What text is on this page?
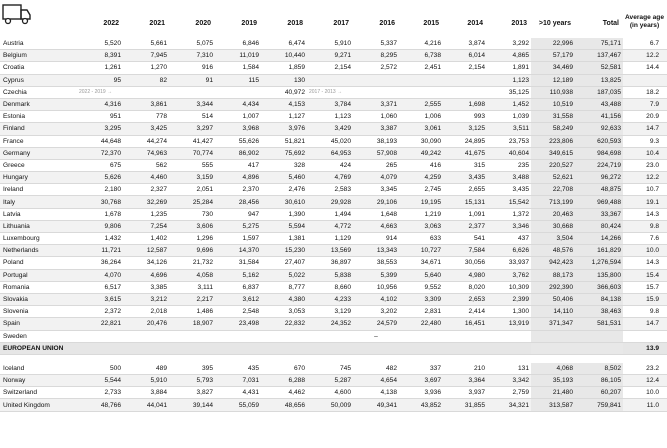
2022	2021	2020	2019	2018	2017	2016	2015	2014	2013	>10 years	Total
Average age
(in years)
Austria	5,520	5,661	5,075	6,846	6,474	5,910	5,337	4,216	3,874	3,292	22,996	75,171	6.7
Belgium	8,391	7,945	7,310	11,019	10,440	9,271	8,295	6,738	6,014	4,865	57,179	137,467	12.2
Croatia	1,261	1,270	916	1,584	1,859	2,154	2,572	2,451	2,154	1,891	34,469	52,581	14.4
Cyprus	95	82	91	115	130					1,123	12,189	13,825	
Czechia	2022 - 2019 →				40,972	2017 - 2013 →				35,125	110,938	187,035	18.2
Denmark	4,316	3,861	3,344	4,434	4,153	3,784	3,371	2,555	1,698	1,452	10,519	43,488	7.9
Estonia	951	778	514	1,007	1,127	1,123	1,060	1,006	993	1,039	31,558	41,156	20.9
Finland	3,295	3,425	3,297	3,968	3,976	3,429	3,387	3,061	3,125	3,511	58,249	92,633	14.7
France	44,648	44,274	41,427	55,626	51,821	45,020	38,193	30,090	24,895	23,753	223,806	620,593	9.3
Germany	72,370	74,963	70,774	86,902	75,692	64,953	57,908	49,242	41,675	40,604	349,615	984,698	10.4
Greece	675	562	555	417	328	424	265	416	315	235	220,527	224,719	23.0
Hungary	5,626	4,460	3,159	4,896	5,460	4,769	4,079	4,259	3,435	3,488	52,621	96,272	12.2
Ireland	2,180	2,327	2,051	2,370	2,476	2,583	3,345	2,745	2,655	3,435	22,708	48,875	10.7
Italy	30,768	32,269	25,284	28,456	30,610	29,928	29,106	19,195	15,131	15,542	713,199	969,488	19.1
Latvia	1,678	1,235	730	947	1,390	1,494	1,648	1,219	1,091	1,372	20,463	33,367	14.3
Lithuania	9,806	7,254	3,606	5,275	5,594	4,772	4,663	3,063	2,377	3,346	30,668	80,424	9.8
Luxembourg	1,432	1,402	1,296	1,597	1,381	1,129	914	633	541	437	3,504	14,266	7.6
Netherlands	11,721	12,587	9,696	14,370	15,230	13,569	13,343	10,727	7,584	6,626	48,576	161,829	10.0
Poland	36,264	34,126	21,732	31,584	27,407	36,897	38,553	34,671	30,056	33,937	942,423	1,276,594	14.3
Portugal	4,070	4,696	4,058	5,162	5,022	5,838	5,399	5,640	4,980	3,762	88,173	135,800	15.4
Romania	6,517	3,385	3,111	6,837	8,777	8,660	10,956	9,552	8,020	10,309	292,390	366,603	15.7
Slovakia	3,615	3,212	2,217	3,612	4,380	4,233	4,102	3,309	2,653	2,399	50,406	84,138	15.9
Slovenia	2,372	2,018	1,486	2,548	3,053	3,129	3,202	2,831	2,414	1,300	14,110	38,463	9.8
Spain	22,821	20,476	18,907	23,498	22,832	24,352	24,579	22,480	16,451	13,919	371,347	581,531	14.7
Sweden							–						
EUROPEAN UNION													13.9

Iceland	500	489	395	435	670	745	482	337	210	131	4,068	8,502	23.2
Norway	5,544	5,910	5,793	7,031	6,288	5,287	4,654	3,697	3,364	3,342	35,193	86,105	12.4
Switzerland	2,733	3,884	3,827	4,431	4,462	4,600	4,138	3,936	3,937	2,759	21,480	60,207	10.0
United Kingdom	48,766	44,041	39,144	55,059	48,656	50,009	49,341	43,852	31,855	34,321	313,587	759,841	11.0
